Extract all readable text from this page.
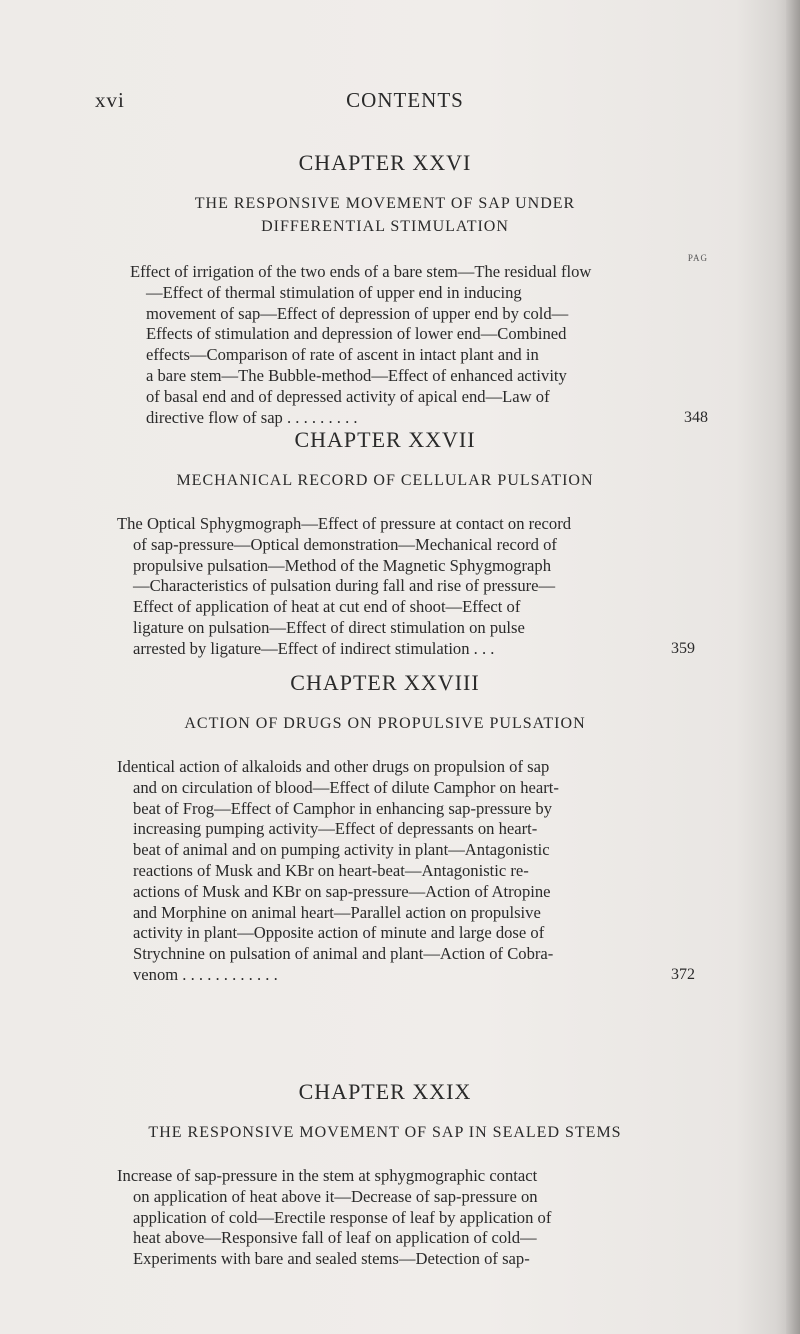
xvi	CONTENTS
CHAPTER XXVI
THE RESPONSIVE MOVEMENT OF SAP UNDER
DIFFERENTIAL STIMULATION
PAG
Effect of irrigation of the two ends of a bare stem—The residual flow
—Effect of thermal stimulation of upper end in inducing
movement of sap—Effect of depression of upper end by cold—
Effects of stimulation and depression of lower end—Combined
effects—Comparison of rate of ascent in intact plant and in
a bare stem—The Bubble-method—Effect of enhanced activity
of basal end and of depressed activity of apical end—Law of
directive flow of sap . . . . . . . . .	348
CHAPTER XXVII
MECHANICAL RECORD OF CELLULAR PULSATION
The Optical Sphygmograph—Effect of pressure at contact on record
of sap-pressure—Optical demonstration—Mechanical record of
propulsive pulsation—Method of the Magnetic Sphygmograph
—Characteristics of pulsation during fall and rise of pressure—
Effect of application of heat at cut end of shoot—Effect of
ligature on pulsation—Effect of direct stimulation on pulse
arrested by ligature—Effect of indirect stimulation . . .	359
CHAPTER XXVIII
ACTION OF DRUGS ON PROPULSIVE PULSATION
Identical action of alkaloids and other drugs on propulsion of sap
and on circulation of blood—Effect of dilute Camphor on heart-
beat of Frog—Effect of Camphor in enhancing sap-pressure by
increasing pumping activity—Effect of depressants on heart-
beat of animal and on pumping activity in plant—Antagonistic
reactions of Musk and KBr on heart-beat—Antagonistic re-
actions of Musk and KBr on sap-pressure—Action of Atropine
and Morphine on animal heart—Parallel action on propulsive
activity in plant—Opposite action of minute and large dose of
Strychnine on pulsation of animal and plant—Action of Cobra-
venom . . . . . . . . . . . .	372
CHAPTER XXIX
THE RESPONSIVE MOVEMENT OF SAP IN SEALED STEMS
Increase of sap-pressure in the stem at sphygmographic contact
on application of heat above it—Decrease of sap-pressure on
application of cold—Erectile response of leaf by application of
heat above—Responsive fall of leaf on application of cold—
Experiments with bare and sealed stems—Detection of sap-
